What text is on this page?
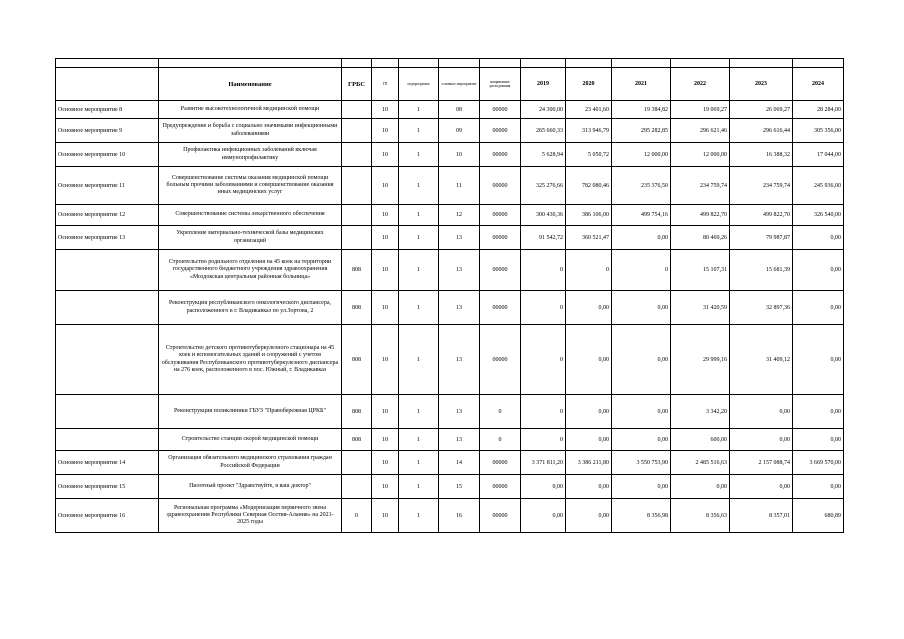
	Наименование	ГРБС	ГП	подпрограмма	основное мероприятие	направление расходования	2019	2020	2021	2022	2023	2024
Основное мероприятие 8	Развитие высокотехнологичной медицинской помощи		10	1	08	00000	24 300,00	23 401,60	19 384,82	19 069,27	26 069,27	28 284,00
Основное мероприятие 9	Предупреждение и борьба с социально значимыми инфекционными заболеваниями		10	1	09	00000	265 660,33	313 946,79	295 282,85	296 621,46	296 616,44	305 356,00
Основное мероприятие 10	Профилактика инфекционных заболеваний включая иммунопрофилактику		10	1	10	00000	5 628,94	5 050,72	12 000,00	12 000,00	16 388,32	17 044,00
Основное мероприятие 11	Совершенствование системы оказания медицинской помощи больным прочими заболеваниями и совершенствование оказания иных медицинских услуг		10	1	11	00000	325 276,66	782 080,46	235 376,50	234 759,74	234 759,74	245 936,00
Основное мероприятие 12	Совершенствование системы лекарственного обеспечения		10	1	12	00000	300 430,36	386 106,00	499 754,16	499 822,70	499 822,70	326 540,00
Основное мероприятие 13	Укрепление материально-технической базы медицинских организаций		10	1	13	00000	91 542,72	360 521,47	0,00	80 469,26	79 987,87	0,00
	Строительство родильного отделения на 45 коек на территории государственного бюджетного учреждения здравоохранения «Моздокская центральная районная больница»	808	10	1	13	00000	0	0	0	15 107,31	15 681,39	0,00
	Реконструкция республиканского онкологического диспансера, расположенного в г. Владикавказ по ул.Зортова, 2	808	10	1	13	00000	0	0,00	0,00	31 420,59	32 897,36	0,00
	Строительство детского противотуберкулезного стационара на 45 коек и вспомогательных зданий и сооружений с учетом обслуживания Республиканского противотуберкулезного диспансера на 276 коек, расположенного в пос. Южный, г. Владикавказ	808	10	1	13	00000	0	0,00	0,00	29 999,16	31 409,12	0,00
	Реконструкция поликлиники ГБУЗ "Правобережная ЦРКБ"	808	10	1	13	0	0	0,00	0,00	3 342,20	0,00	0,00
	Строительство станции скорой медицинской помощи	808	10	1	13	0	0	0,00	0,00	600,00	0,00	0,00
Основное мероприятие 14	Организация обязательного медицинского страхования граждан Российской Федерации		10	1	14	00000	3 371 811,20	3 386 211,80	3 550 753,90	2 485 516,63	2 157 088,74	3 669 570,00
Основное мероприятие 15	Пилотный проект "Здравствуйте, я ваш доктор"		10	1	15	00000	0,00	0,00	0,00	0,00	0,00	0,00
Основное мероприятие 16	Региональная программа «Модернизация первичного звена здравоохранения Республики Северная Осетия-Алания» на 2021-2025 годы	0	10	1	16	00000	0,00	0,00	8 356,98	8 356,63	8 357,01	680,89
